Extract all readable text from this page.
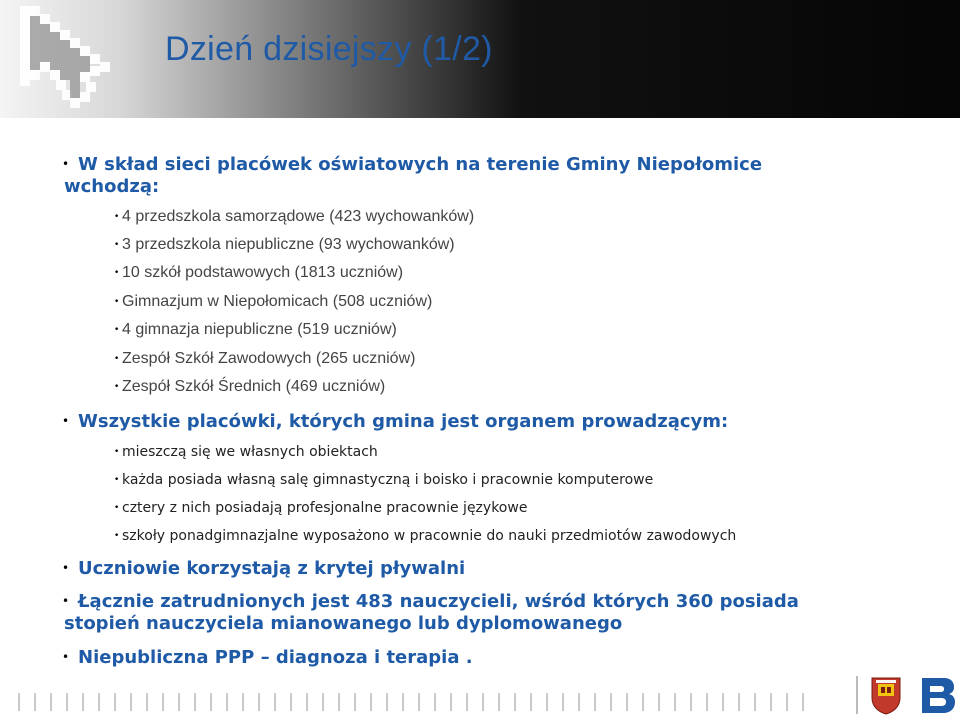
Dzień dzisiejszy (1/2)
• W skład sieci placówek oświatowych na terenie Gminy Niepołomice
wchodzą:
• 4 przedszkola samorządowe (423 wychowanków)
• 3 przedszkola niepubliczne (93 wychowanków)
• 10 szkół podstawowych (1813 uczniów)
• Gimnazjum w Niepołomicach (508 uczniów)
• 4 gimnazja niepubliczne (519 uczniów)
• Zespół Szkół Zawodowych (265 uczniów)
• Zespół Szkół Średnich (469 uczniów)
• Wszystkie placówki, których gmina jest organem prowadzącym:
• mieszczą się we własnych obiektach
• każda posiada własną salę gimnastyczną i boisko i pracownie komputerowe
• cztery z nich posiadają profesjonalne pracownie językowe
• szkoły ponadgimnazjalne wyposażono w pracownie do nauki przedmiotów zawodowych
• Uczniowie korzystają z krytej pływalni
• Łącznie zatrudnionych jest 483 nauczycieli, wśród których 360 posiada
stopień nauczyciela mianowanego lub dyplomowanego
• Niepubliczna PPP – diagnoza i terapia .
